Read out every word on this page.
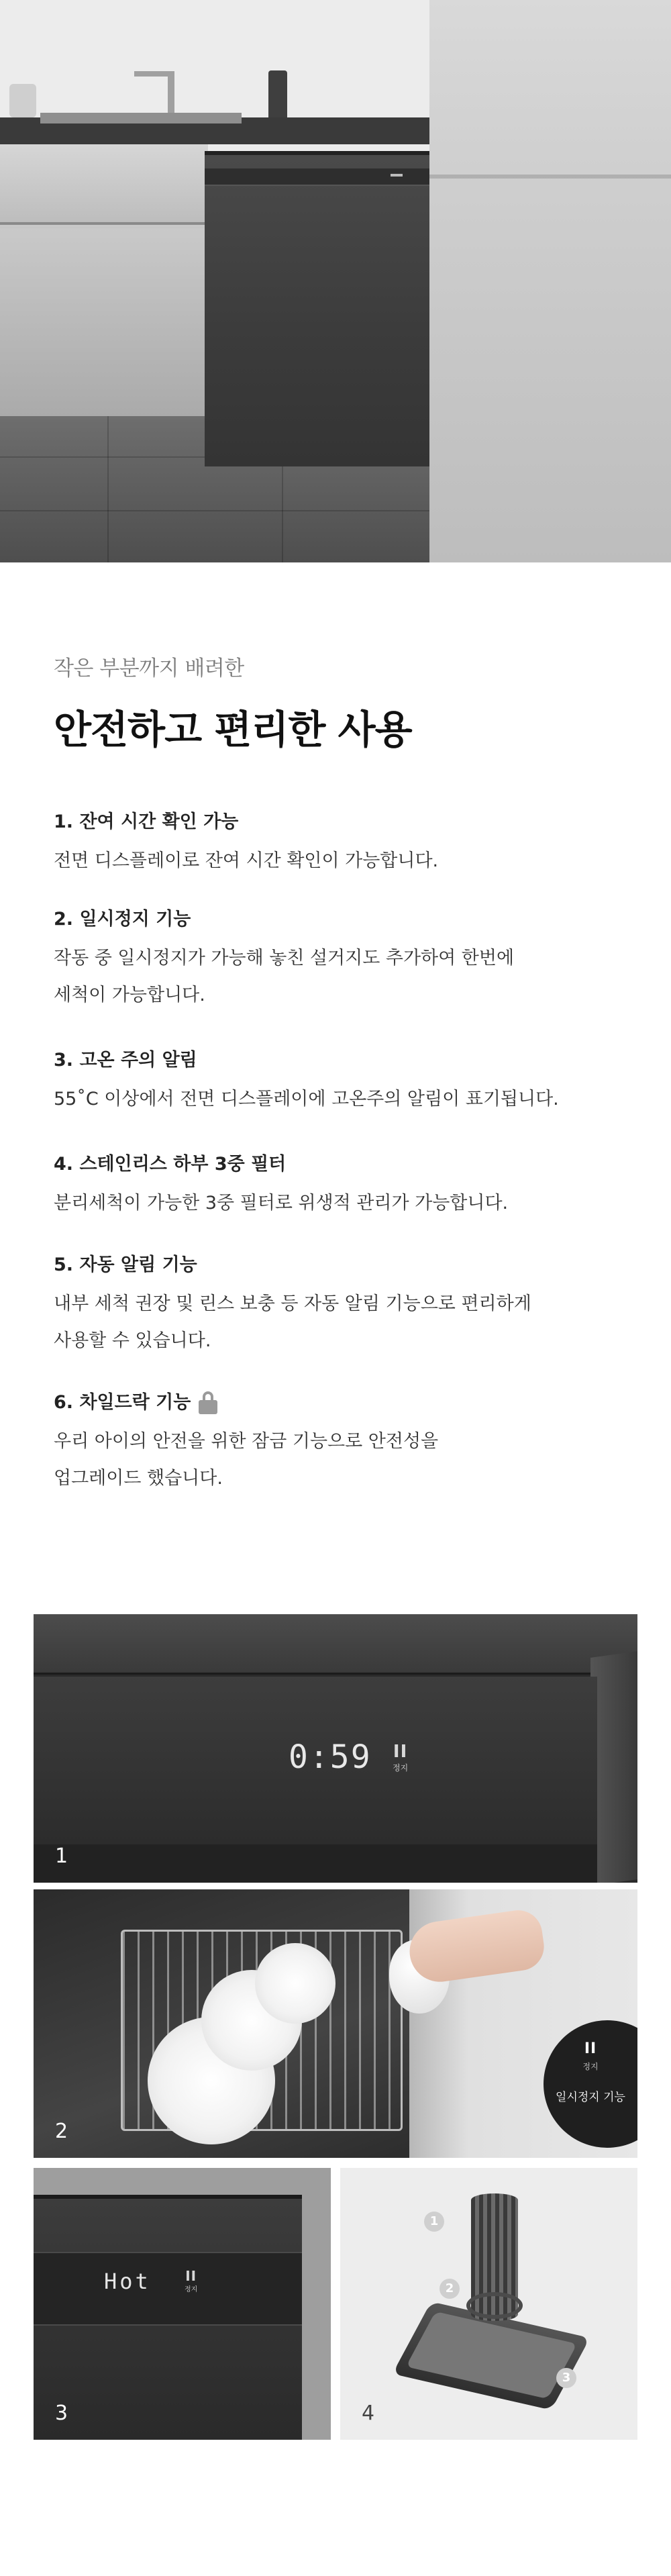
작은 부분까지 배려한
안전하고 편리한 사용
1. 잔여 시간 확인 가능
전면 디스플레이로 잔여 시간 확인이 가능합니다.
2. 일시정지 기능
작동 중 일시정지가 가능해 놓친 설거지도 추가하여 한번에
세척이 가능합니다.
3. 고온 주의 알림
55˚C 이상에서 전면 디스플레이에 고온주의 알림이 표기됩니다.
4. 스테인리스 하부 3중 필터
분리세척이 가능한 3중 필터로 위생적 관리가 가능합니다.
5. 자동 알림 기능
내부 세척 권장 및 린스 보충 등 자동 알림 기능으로 편리하게
사용할 수 있습니다.
6. 차일드락 기능
우리 아이의 안전을 위한 잠금 기능으로 안전성을
업그레이드 했습니다.
0:59 II
정지
1
II
정지
일시정지 기능
2
Hot	II
정지
3
1
2
3
4
